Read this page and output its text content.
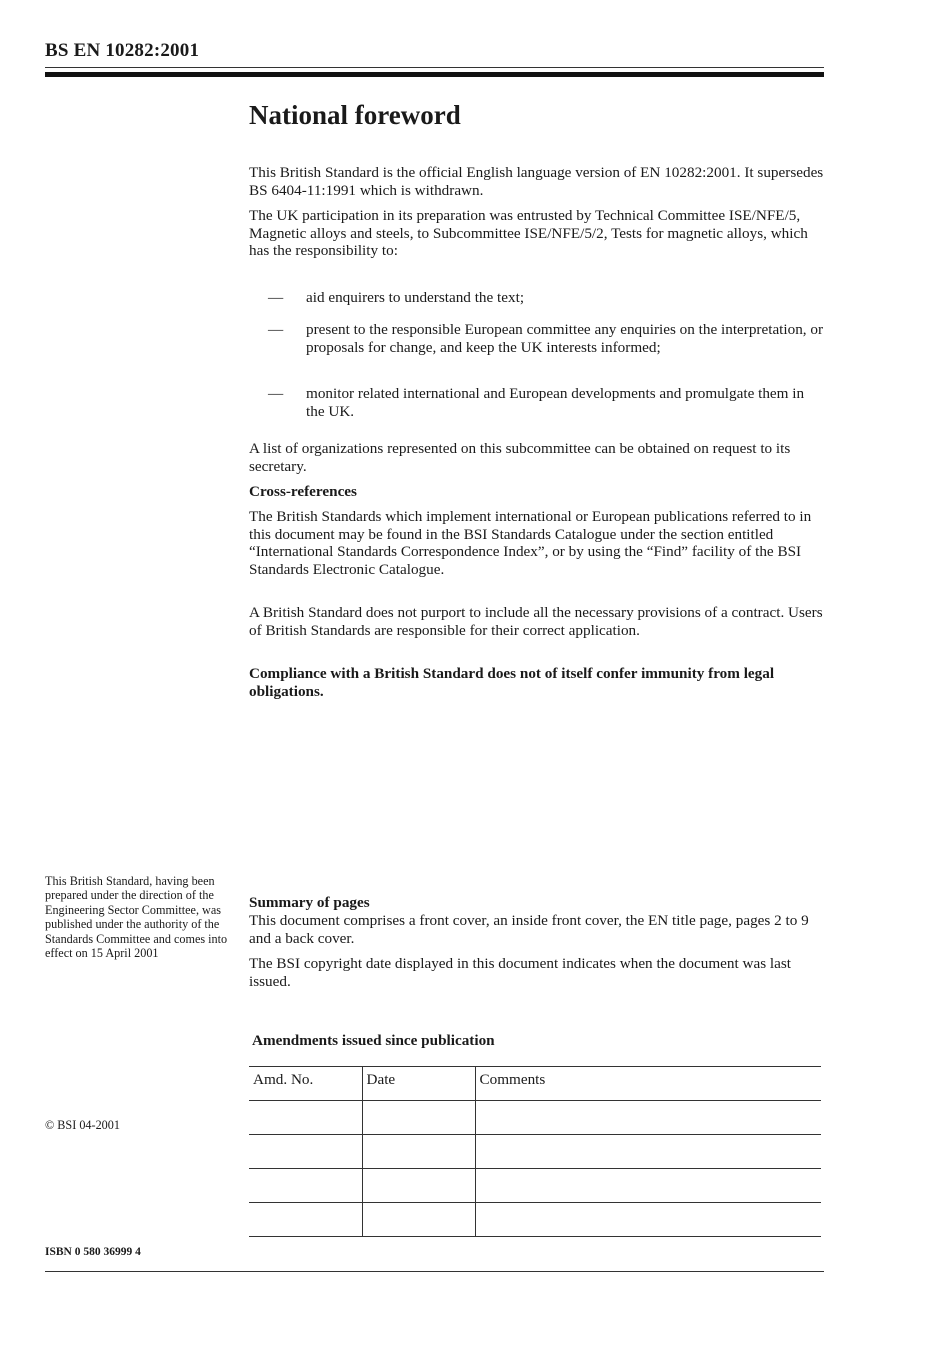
BS EN 10282:2001
National foreword

This British Standard is the official English language version of EN 10282:2001. It supersedes BS 6404-11:1991 which is withdrawn.

The UK participation in its preparation was entrusted by Technical Committee ISE/NFE/5, Magnetic alloys and steels, to Subcommittee ISE/NFE/5/2, Tests for magnetic alloys, which has the responsibility to:

—	aid enquirers to understand the text;
—	present to the responsible European committee any enquiries on the interpretation, or proposals for change, and keep the UK interests informed;
—	monitor related international and European developments and promulgate them in the UK.

A list of organizations represented on this subcommittee can be obtained on request to its secretary.

Cross-references

The British Standards which implement international or European publications referred to in this document may be found in the BSI Standards Catalogue under the section entitled “International Standards Correspondence Index”, or by using the “Find” facility of the BSI Standards Electronic Catalogue.

A British Standard does not purport to include all the necessary provisions of a contract. Users of British Standards are responsible for their correct application.

Compliance with a British Standard does not of itself confer immunity from legal obligations.
This British Standard, having been prepared under the direction of the Engineering Sector Committee, was published under the authority of the Standards Committee and comes into effect on 15 April 2001
Summary of pages

This document comprises a front cover, an inside front cover, the EN title page, pages 2 to 9 and a back cover.

The BSI copyright date displayed in this document indicates when the document was last issued.

Amendments issued since publication
Amd. No.	Date	Comments

© BSI 04-2001
ISBN 0 580 36999 4
